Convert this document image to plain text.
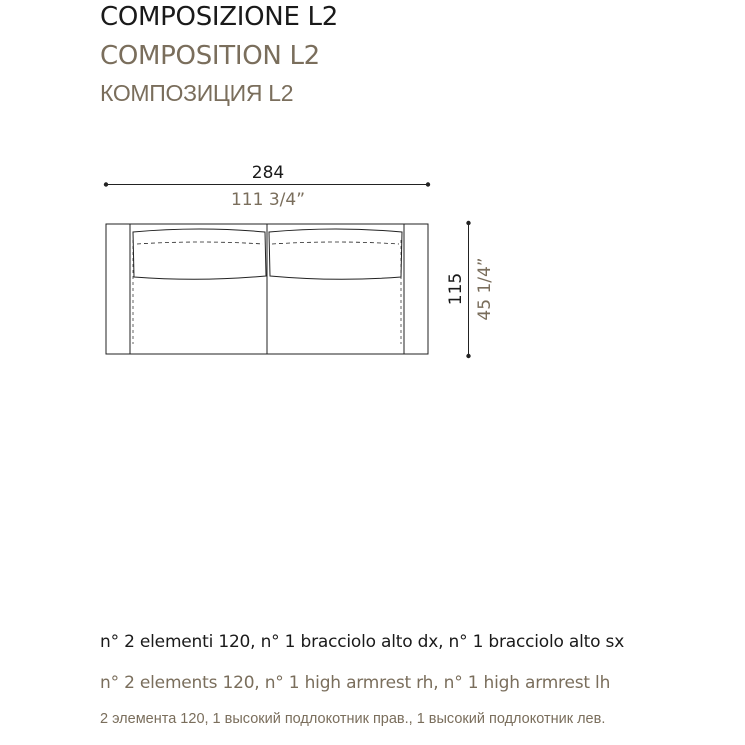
COMPOSIZIONE L2
COMPOSITION L2
КОМПОЗИЦИЯ L2
284
111 3/4”
115 45 1/4”
n° 2 elementi 120, n° 1 bracciolo alto dx, n° 1 bracciolo alto sx
n° 2 elements 120, n° 1 high armrest rh, n° 1 high armrest lh
2 элемента 120, 1 высокий подлокотник прав., 1 высокий подлокотник лев.
